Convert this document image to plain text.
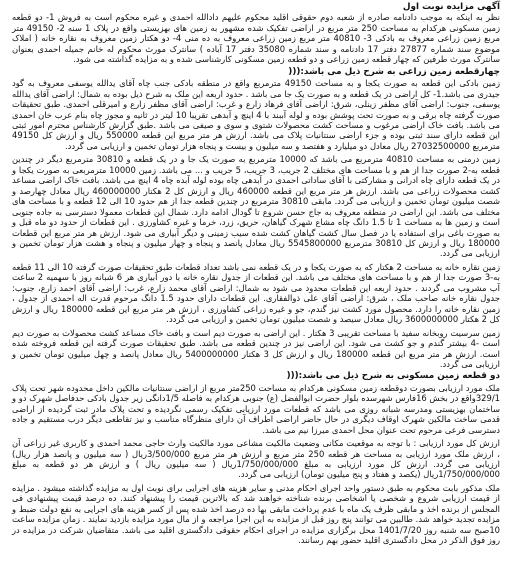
آگهی مزایده نوبت اول

نظر به اینکه به موجب دادنامه صادره از شعبه دوم حقوقی اقلید محکوم علیهم دادالله احمدی و غیره محکوم است به فروش 1- دو قطعه زمین مسکونی هرکدام به مساحت 250 متر مربع در اراضی تفکیک شده مشهور به زمین های بهزیستی واقع در پلاک 1 سنه 2- 49150 متر مربع زمین زراعی معروف به بادکی 3- 40810 متر مربع زمین زراعی معروف به ده منی 4- دو هکتار زمین معروف به نقاره خانه ( املاک موضوع سند شماره 27877 دفتر 17 دادنامه و سند شماره 35080 دفتر 17 آباده ) سانترک مورث محکوم له خانم جمیله احمدی بعنوان سانترک مورث طرفین که چهار قطعه زمین زراعی و دو قطعه زمین مسکونی کارشناسی شده و به مزایده گذاشته می شود.

چهارقطعه زمین زراعی به شرح ذیل می باشد:(((

زمین بادکی این قطعه به صورت یکجا و به مساحت 49150 مترمربع واقع در منطقه بادکی جنب چاه آقای یدالله یوسفی معروف به گود جیدری می باشد.1- کل اراضی در یک قطعه و به صورت یک جا می باشد . حدود اربعه این ملک به شرح ذیل بوده به شمال: اراضی آقای یدالله یوسفی، جنوب: اراضی آقای مظفر زینلی، شرق: اراضی آقای فرهاد زارع و غرب: اراضی آقای مظفر زارع و امیرقلی احمدی. طبق تحقیقات صورت گرفته چاه برقی و به صورت تحت پوشش بوده و لوله آببند با 4 اینچ و آبدهی تقریبا 10 لیتر در ثانیه و مجوز چاه بنام عرب خان احمدی می باشد. بافت خاک اراضی مرغوب و مساحت کشت محصولات شتوی و سوی و صیفی می باشد .طبق گزارش کارشناس محترم امور ثبتی این قطعه دارای سند ثبتی بوده و جزء اراضی سنتانیات پلاک می باشد. ارزش هر متر مربع این قطعه 550000 ریال و ارزش کل 49150 مترمربع 27032500000 ریال معادل دو میلیارد و هفتصد و سه میلیون و بیست و پنجاه هزار تومان تخمین و ارزیابی می گردد.

زمین درمنی به مساحت 40810 مترمربع می باشد که 10000 مترمربع به صورت یک جا و در یک قطعه و 30810 مترمربع دیگر در چندین قطعه به-2 صورت جدا از هم و با مساحت های مختلف 2 جریب، 3 جریب، 5 جریب و ... می باشد. زمین 10000 مترمربعی به صورت یکجا و در یک قطعه دارای چاه ادرانی و مشارکتی با آقای ساداتی احمدی در آبدهی چاه بوده لوله آبده چاه 4 اینچ می باشد. بافت خاک اراضی مساعد کشت محصولات زراعی می باشد. ارزش هر متر مربع این قطعه 460000 ریال و ارزش کل 2 هکتار 460000000 ریال معادل چهارصد و شصت میلیون تومان تخمین و ارزیابی می گردد. مابقی 30810 مترمربع در چندین قطعه جدا از هم حدود 10 الی 12 قطعه و با مساحت های مختلف می باشد. این اراضی در منطقه معروف به جاج حسن شروع تا گودال ادامه دارد. شمال این قطعات معمولا دسترسی به جاده جنوبی است و زمین ها به مساحت 1 تا 1.5 دانگ چاه مشاع شهرک گیاهان، حریق، زرد، خرما و غیره کشاورزی . این قطعات از حدود دو ماه قبل و به صورت باغی برای استفاده یا در فصل سال کشت گیاهان کشت شده سیب زمینی و دیگر آبیاری می شود. ارزش هر متر مربع این قطعات 180000 ریال و ارزش کل 30810 مترمربع 5545800000 ریال معادل پانصد و پنجاه و چهار میلیون و پنجاه و هشت هزار تومان تخمین و ارزیابی می گردد.

زمین نقاره خانه به مساحت 2 هکتار که به صورت یکجا و در یک قطعه نمی باشد تعداد قطعات طبق تحقیقات صورت گرفته 10 الی 11 قطعه به-3 صورت جدا از هم و با مساحت های مختلف می باشد. این قطعات از جدول نقاره خانه با دور آبیاری هر 6 شبانه روز با سهمیه 2 ساعت آب مشروب می گردند . حدود اربعه این قطعات محدود می شود به شمال: اراضی آقای محمد زارع، غرب: اراضی آقای احمد زارع، جنوب: جدول نقاره خانه صاحب ملک ، شرق: اراضی آقای علی ذوالفقاری. این قطعات دارای حدود 1.5 دانگ مرحوم قدرت اله احمدی از جدول ، زمین نقاره خانه را دارد. محصول مورد کشت نیز گندم، جو و غیره زراعی کشاورزی ، ارزش هر متر مربع این قطعه 180000 ریال و ارزش کل 2 هکتار 3600000000 ریال معادل سیصد و شصت میلیون تومان تخمین و ارزیابی می گردد.

زمین سرسیت روبخانه سفید با مساحت تقریبی 3 هکتار . این اراضی به صورت دیم است و بافت خاک مساعد کشت محصولات به صورت دیم است -4 بیشتر گندم و جو کشت می شود. این اراضی نیز در چندین قطعه می باشد. طبق تحقیقات صورت گرفته این قطعه فروخته شده است. ارزش هر متر مربع این قطعه 180000 ریال و ارزش کل 3 هکتار 5400000000 ریال معادل پانصد و چهل میلیون تومان تخمین و ارزیابی می گردد.

دو قطعه زمین مسکونی به شرح ذیل می باشد:(((

ملک مورد ارزیابی بصورت دوقطعه زمین مسکونی هرکدام به مساحت 250متر مربع از اراضی سنتانیات مالکین داخل محدوده شهر تحت پلاک 329/1واقع در بخش 16فارس شهرسده بلوار حضرت ابوالفضل (ع) جنوبی هرکدام به فاصله 1/5دانگی زیر جدول بادکی حدفاصل شهرک دو و ساختمان بهزیستی ومدرسه شبانه روزی می باشد که قطعات مورد ارزیابی تفکیک رسمی نگردیده و تحت پلاک مادر ثبت گردیده از اراضی قدمی ساخت مالکین شهرک اوقاف دیگری در حال حاضر اراضی اطراف آن دارای منظرگاه مناسب و نیز تقاطعی دیگر درب مستقیم و جاده دسترسی فرعی مرحوم تحت عنوان محل احمدی میرزا نیم می باشد.

ارزش کل مورد ارزیابی : با توجه به موقعیت مکانی وضعیت مالکیت مشاعی مورد مالکیت وارث حاجی محمد احمدی و کاربری غیر زراعی آن ، ارزش ملک مورد ارزیابی به مساحت هر قطعه 250 متر مربع و ارزش هر متر مربع 3/500/000ریال ( سه میلیون و پانصد هزار ریال) ارزیابی می گردد. ارزش کل مورد ارزیابی به مبلغ 1/750/000/000ریال ( سه میلیون ریال ) و ارزش هر دو قطعه به مبلغ 1/750/000/000ریال (یکصد و هفتاد و پنج میلیون تومان) ارزیابی می گردد.

ملک مذکور بابت محکوم به طبق دستور واحد اجرای احکام مدنی و سایر هزینه های اجرایی برای نوبت اول به مزایده گذاشته میشود . مزایده از قیمت ارزیابی شروع و شخصی یا اشخاصی برنده شناخته خواهند شد که بالاترین قیمت را پیشنهاد کنند. ده درصد قیمت پیشنهادی فی المجلس از برنده اخذ و مابقی ظرف یک ماه با عدم پرداخت مابقی بها ده درصد اخذ شده پس از کسر هزینه های اجرایی به نفع دولت ضبط و مزایده تجدید خواهد شد. طالبین می توانند پنج روز قبل از مزایده به این اجرا مراجعه و از مال مورد مزایده بازدید نمایند . زمان مزایده ساعت 10صبح سه شنبه روز 1401/7/20 محل برگزاری مزایده در اجرای احکام حقوقی دادگستری اقلید می باشد. متقاضیان شرکت در مزایده در روز فوق الذکر در محل دادگستری اقلید حضور بهم رسانند.
